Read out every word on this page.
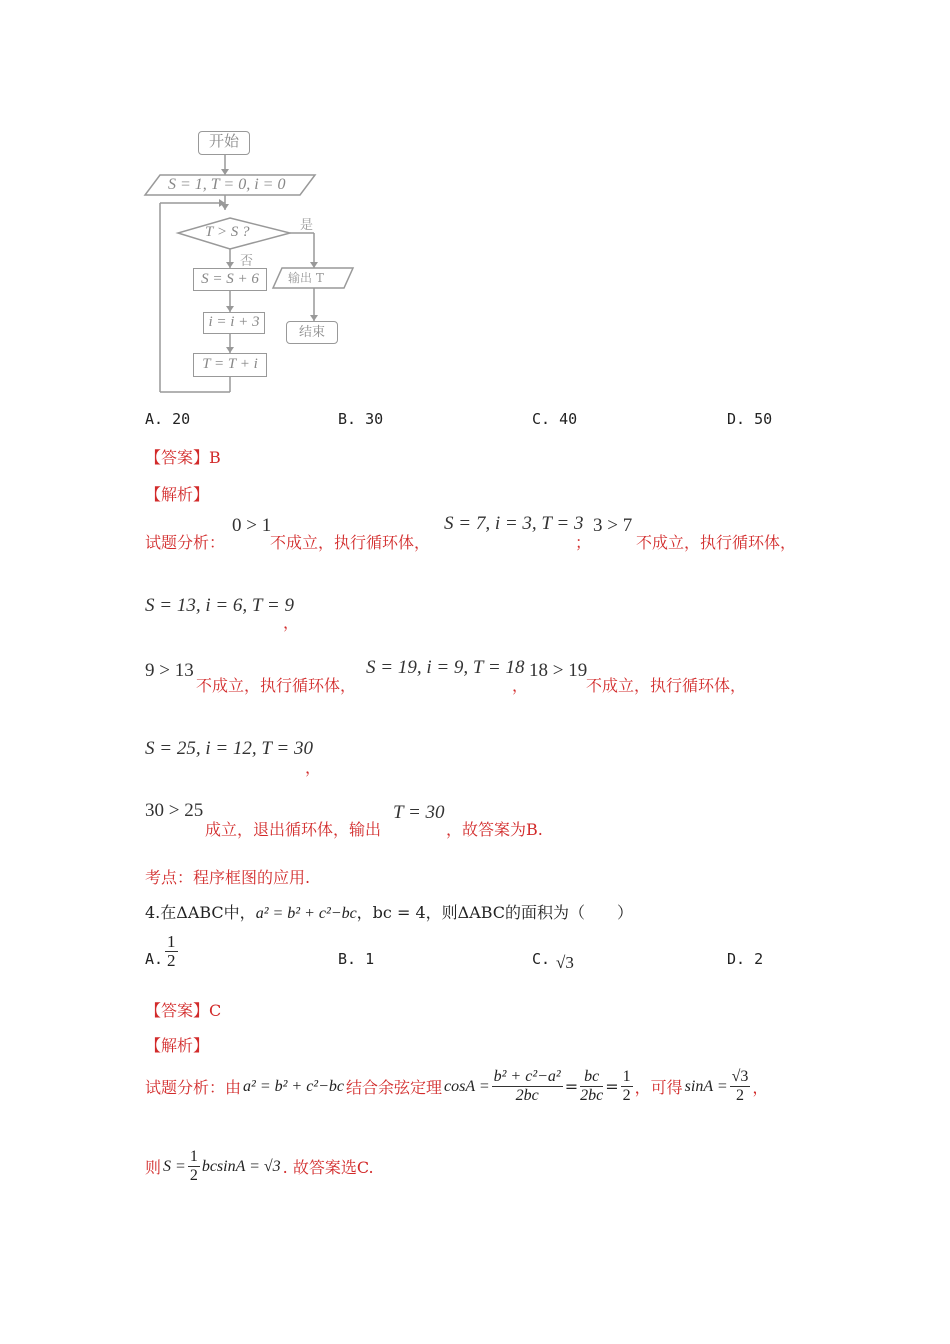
开始
S = 1, T = 0, i = 0
T > S ?	是
否
S = S + 6
i = i + 3
T = T + i
输出 T
结束
A. 20	B. 30	C. 40	D. 50
【答案】B
【解析】
试题分析：
0 > 1
不成立，执行循环体，
S = 7, i = 3, T = 3
；
3 > 7
不成立，执行循环体，
S = 13, i = 6, T = 9
，
9 > 13
不成立，执行循环体，
S = 19, i = 9, T = 18
，
18 > 19
不成立，执行循环体，
S = 25, i = 12, T = 30
，
30 > 25
成立，退出循环体，输出
T = 30
，故答案为B.
考点：程序框图的应用.
4.在ΔABC中，a² = b² + c²−bc，bc = 4，则ΔABC的面积为（　　）
A. $\frac{1}{2}$	B. 1	C. √3	D. 2
【答案】C
【解析】
试题分析：由 a² = b² + c²−bc 结合余弦定理 $\cos A = \frac{\text{b² + c²−a²}}{2bc} = \frac{bc}{2bc} = \frac{1}{2}$ ，可得 $\sin A = \frac{√3}{2}$ ，
则 $S = \frac{1}{2}$ bcsinA = √3 . 故答案选C.
